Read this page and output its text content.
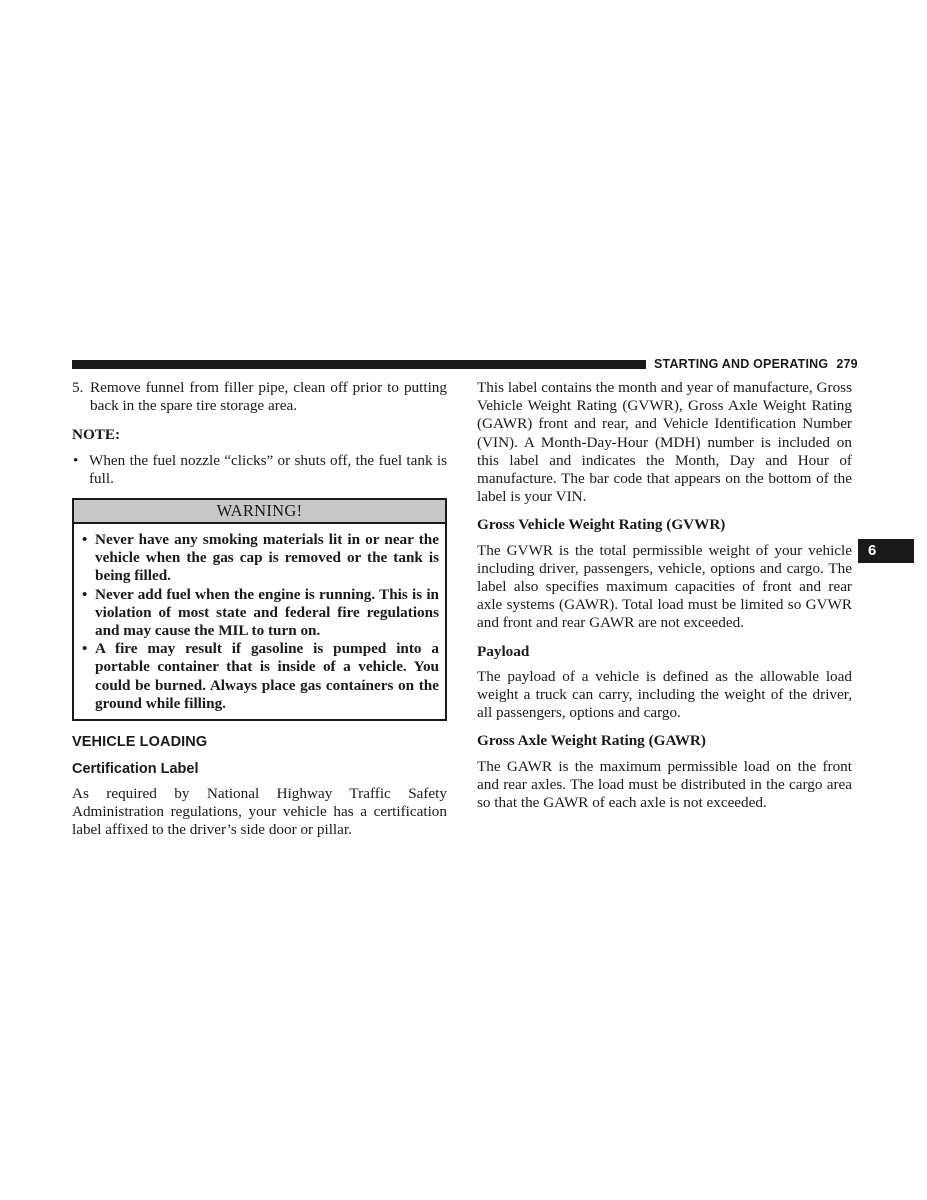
STARTING AND OPERATING 279
6
5. Remove funnel from filler pipe, clean off prior to putting back in the spare tire storage area.

NOTE:

• When the fuel nozzle “clicks” or shuts off, the fuel tank is full.
WARNING!
• Never have any smoking materials lit in or near the vehicle when the gas cap is removed or the tank is being filled.
• Never add fuel when the engine is running. This is in violation of most state and federal fire regulations and may cause the MIL to turn on.
• A fire may result if gasoline is pumped into a portable container that is inside of a vehicle. You could be burned. Always place gas containers on the ground while filling.

VEHICLE LOADING

Certification Label

As required by National Highway Traffic Safety Administration regulations, your vehicle has a certification label affixed to the driver’s side door or pillar.

This label contains the month and year of manufacture, Gross Vehicle Weight Rating (GVWR), Gross Axle Weight Rating (GAWR) front and rear, and Vehicle Identification Number (VIN). A Month-Day-Hour (MDH) number is included on this label and indicates the Month, Day and Hour of manufacture. The bar code that appears on the bottom of the label is your VIN.

Gross Vehicle Weight Rating (GVWR)

The GVWR is the total permissible weight of your vehicle including driver, passengers, vehicle, options and cargo. The label also specifies maximum capacities of front and rear axle systems (GAWR). Total load must be limited so GVWR and front and rear GAWR are not exceeded.

Payload

The payload of a vehicle is defined as the allowable load weight a truck can carry, including the weight of the driver, all passengers, options and cargo.

Gross Axle Weight Rating (GAWR)

The GAWR is the maximum permissible load on the front and rear axles. The load must be distributed in the cargo area so that the GAWR of each axle is not exceeded.
